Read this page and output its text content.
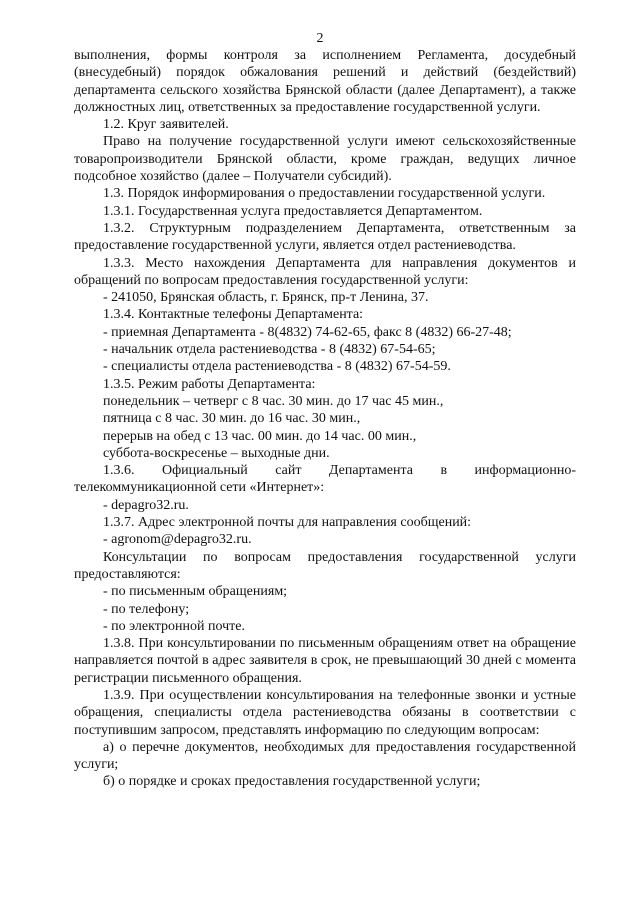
2

выполнения, формы контроля за исполнением Регламента, досудебный (внесудебный) порядок обжалования решений и действий (бездействий) департамента сельского хозяйства Брянской области (далее Департамент), а также должностных лиц, ответственных за предоставление государственной услуги.

1.2. Круг заявителей.

Право на получение государственной услуги имеют сельскохозяйственные товаропроизводители Брянской области, кроме граждан, ведущих личное подсобное хозяйство (далее – Получатели субсидий).

1.3. Порядок информирования о предоставлении государственной услуги.

1.3.1. Государственная услуга предоставляется Департаментом.

1.3.2. Структурным подразделением Департамента, ответственным за предоставление государственной услуги, является отдел растениеводства.

1.3.3. Место нахождения Департамента для направления документов и обращений по вопросам предоставления государственной услуги:

- 241050, Брянская область, г. Брянск, пр-т Ленина, 37.

1.3.4. Контактные телефоны Департамента:

- приемная Департамента - 8(4832) 74-62-65, факс 8 (4832) 66-27-48;

- начальник отдела растениеводства - 8 (4832) 67-54-65;

- специалисты отдела растениеводства - 8 (4832) 67-54-59.

1.3.5. Режим работы Департамента:

понедельник – четверг с 8 час. 30 мин. до 17 час 45 мин.,

пятница с 8 час. 30 мин. до 16 час. 30 мин.,

перерыв на обед с 13 час. 00 мин. до 14 час. 00 мин.,

суббота-воскресенье – выходные дни.

1.3.6. Официальный сайт Департамента в информационно-телекоммуникационной сети «Интернет»:

- depagro32.ru.

1.3.7. Адрес электронной почты для направления сообщений:

- agronom@depagro32.ru.

Консультации по вопросам предоставления государственной услуги предоставляются:

- по письменным обращениям;

- по телефону;

- по электронной почте.

1.3.8. При консультировании по письменным обращениям ответ на обращение направляется почтой в адрес заявителя в срок, не превышающий 30 дней с момента регистрации письменного обращения.

1.3.9. При осуществлении консультирования на телефонные звонки и устные обращения, специалисты отдела растениеводства обязаны в соответствии с поступившим запросом, представлять информацию по следующим вопросам:

а) о перечне документов, необходимых для предоставления государственной услуги;

б) о порядке и сроках предоставления государственной услуги;
